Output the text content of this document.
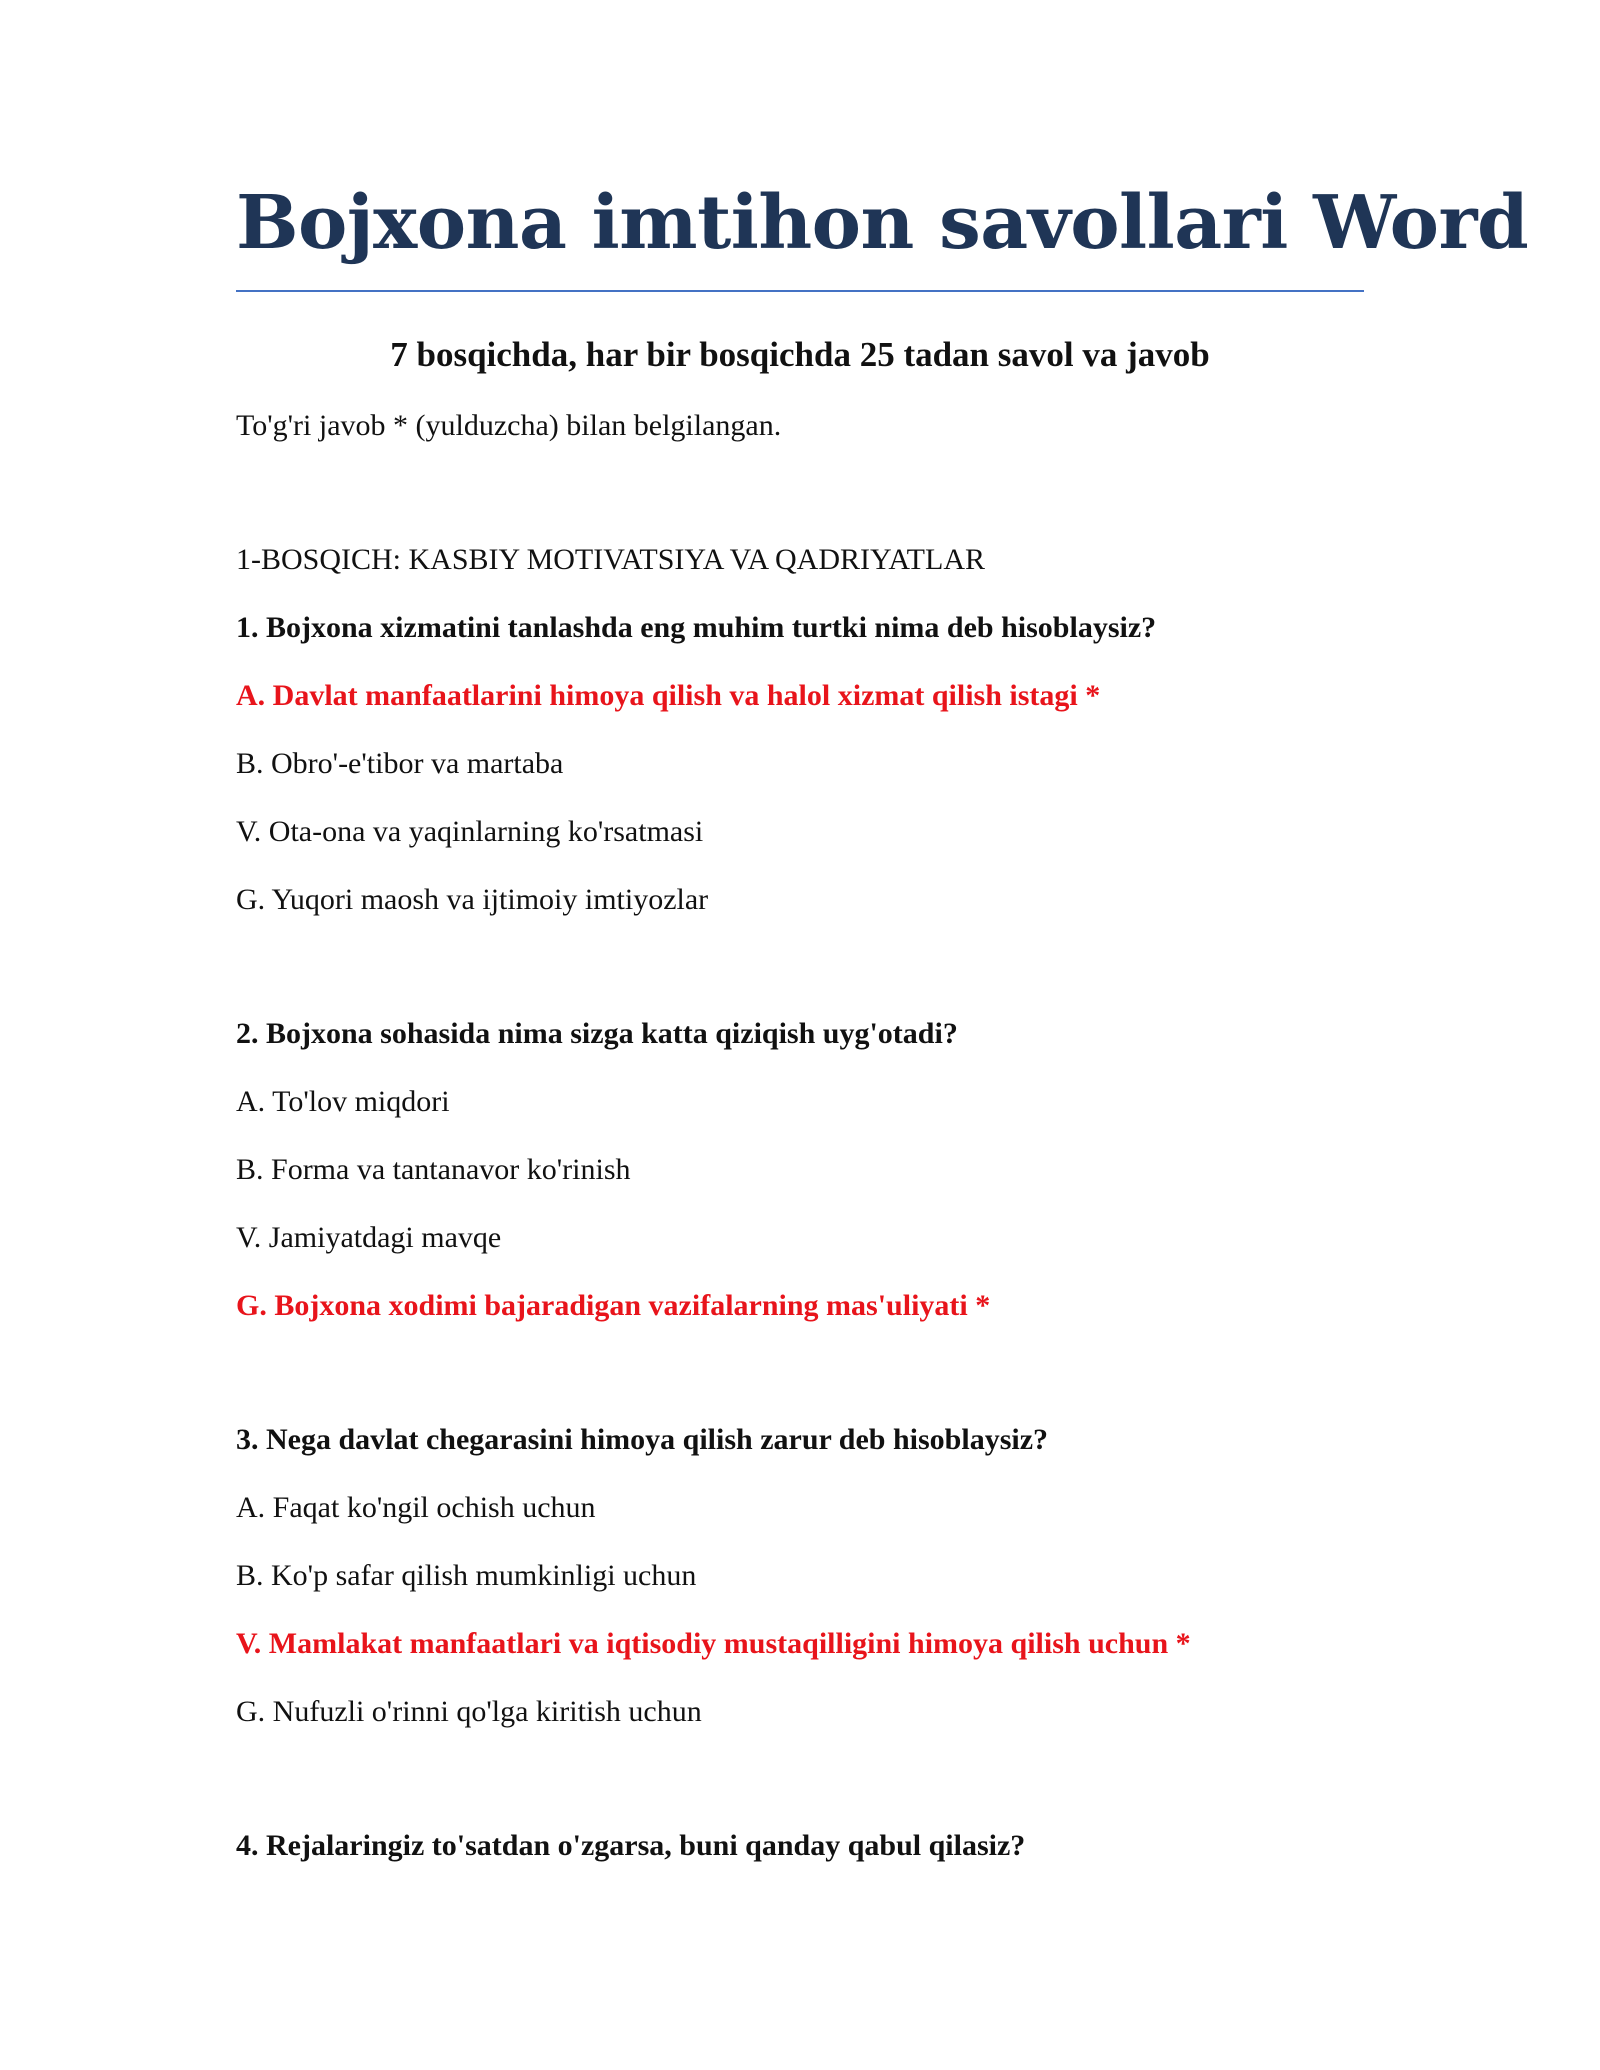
Bojxona imtihon savollari Word
7 bosqichda, har bir bosqichda 25 tadan savol va javob
To'g'ri javob * (yulduzcha) bilan belgilangan.
1-BOSQICH: KASBIY MOTIVATSIYA VA QADRIYATLAR
1. Bojxona xizmatini tanlashda eng muhim turtki nima deb hisoblaysiz?
A. Davlat manfaatlarini himoya qilish va halol xizmat qilish istagi *
B. Obro'-e'tibor va martaba
V. Ota-ona va yaqinlarning ko'rsatmasi
G. Yuqori maosh va ijtimoiy imtiyozlar
2. Bojxona sohasida nima sizga katta qiziqish uyg'otadi?
A. To'lov miqdori
B. Forma va tantanavor ko'rinish
V. Jamiyatdagi mavqe
G. Bojxona xodimi bajaradigan vazifalarning mas'uliyati *
3. Nega davlat chegarasini himoya qilish zarur deb hisoblaysiz?
A. Faqat ko'ngil ochish uchun
B. Ko'p safar qilish mumkinligi uchun
V. Mamlakat manfaatlari va iqtisodiy mustaqilligini himoya qilish uchun *
G. Nufuzli o'rinni qo'lga kiritish uchun
4. Rejalaringiz to'satdan o'zgarsa, buni qanday qabul qilasiz?
